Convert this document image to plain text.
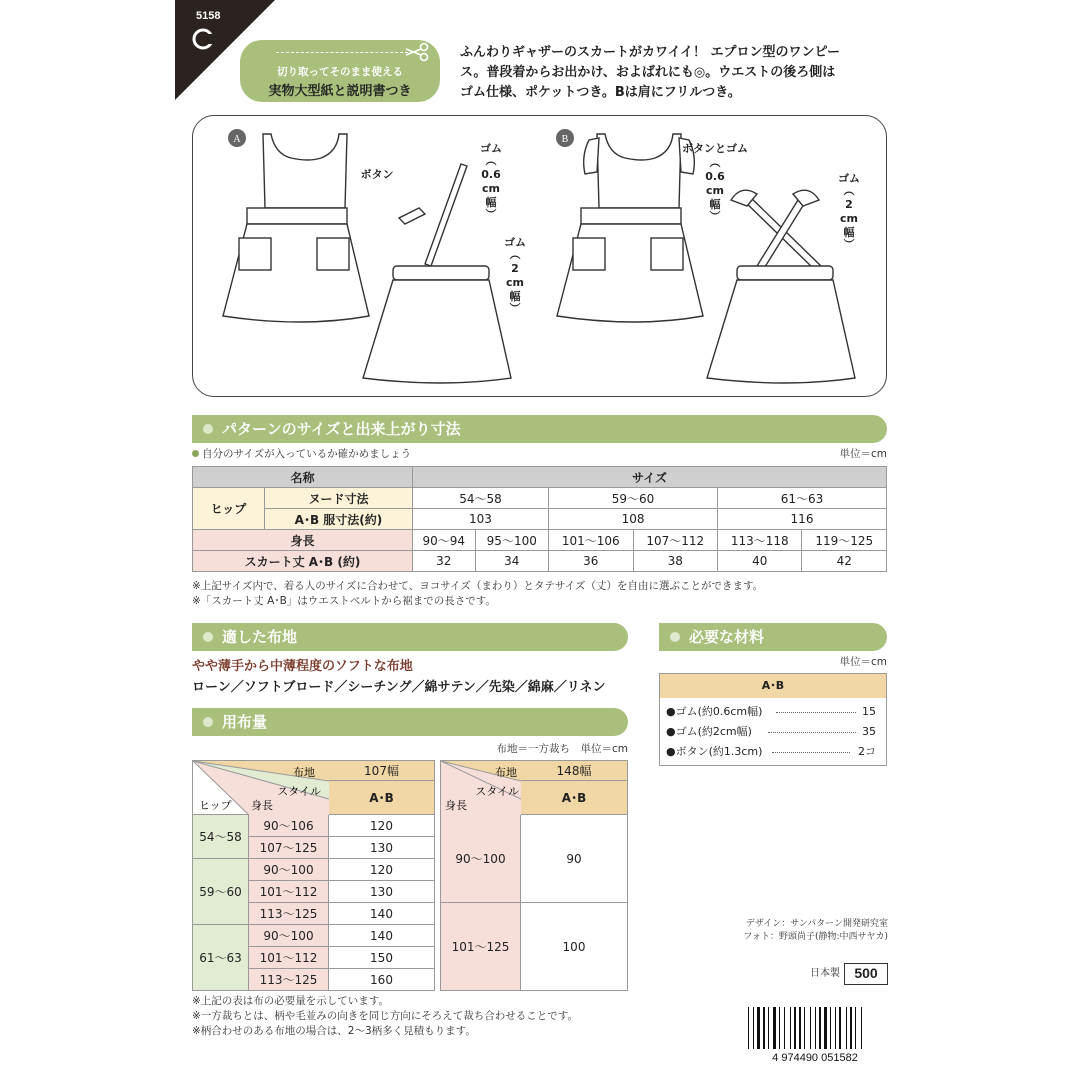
5158
切り取ってそのまま使える
実物大型紙と説明書つき
ふんわりギャザーのスカートがカワイイ！ エプロン型のワンピー
ス。普段着からお出かけ、およばれにも◎。ウエストの後ろ側は
ゴム仕様、ポケットつき。Bは肩にフリルつき。
A	B
ボタン
ゴム
︵
0.6
cm
幅
︶
ゴム
︵
2
cm
幅
︶
ボタンとゴム
︵
0.6
cm
幅
︶
ゴム
︵
2
cm
幅
︶
パターンのサイズと出来上がり寸法
自分のサイズが入っているか確かめましょう	単位＝cm
名称		サイズ					
ヒップ	ヌード寸法	54〜58		59〜60		61〜63	
	A･B 服寸法(約)	103		108		116	
身長		90〜94	95〜100	101〜106	107〜112	113〜118	119〜125
スカート丈 A･B (約)		32	34	36	38	40	42
※上記サイズ内で、着る人のサイズに合わせて、ヨコサイズ（まわり）とタテサイズ（丈）を自由に選ぶことができます。
※「スカート丈 A･B」はウエストベルトから裾までの長さです。
適した布地
やや薄手から中薄程度のソフトな布地
ローン／ソフトブロード／シーチング／綿サテン／先染／綿麻／リネン
必要な材料
単位＝cm
A･B
●ゴム(約0.6cm幅)	15
●ゴム(約2cm幅)	35
●ボタン(約1.3cm)	2コ
用布量
布地＝一方裁ち　単位＝cm
布地
スタイル
ヒップ 身長		107幅
		A･B
54〜58	90〜106	120
	107〜125	130
59〜60	90〜100	120
	101〜112	130
	113〜125	140
61〜63	90〜100	140
	101〜112	150
	113〜125	160
布地
スタイル
身長	148幅
	A･B
90〜100	90
101〜125	100
※上記の表は布の必要量を示しています。
※一方裁ちとは、柄や毛並みの向きを同じ方向にそろえて裁ち合わせることです。
※柄合わせのある布地の場合は、2〜3柄多く見積もります。
デザイン：サンパターン開発研究室
フォト：野頭尚子(静物:中西サヤカ)
日本製	500
4 974490 051582
